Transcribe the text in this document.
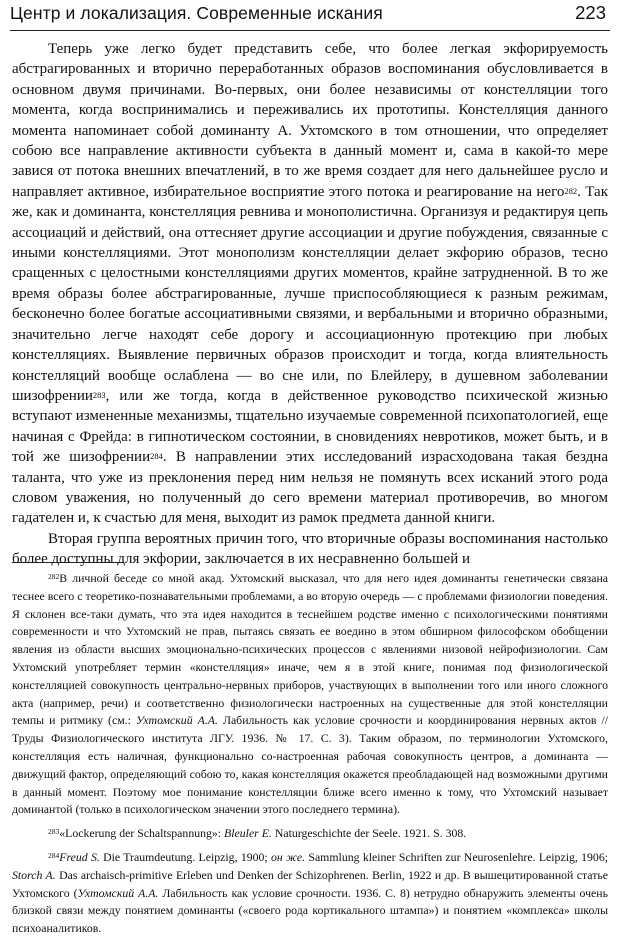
Центр и локализация. Современные искания	223

Теперь уже легко будет представить себе, что более легкая экфорируемость абстрагированных и вторично переработанных образов воспоминания обусловливается в основном двумя причинами. Во-первых, они более независимы от констелляции того момента, когда воспринимались и переживались их прототипы. Констелляция данного момента напоминает собой доминанту А. Ухтомского в том отношении, что определяет собою все направление активности субъекта в данный момент и, сама в какой-то мере завися от потока внешних впечатлений, в то же время создает для него дальнейшее русло и направляет активное, избирательное восприятие этого потока и реагирование на него$^{282}$. Так же, как и доминанта, констелляция ревнива и монополистична. Организуя и редактируя цепь ассоциаций и действий, она оттесняет другие ассоциации и другие побуждения, связанные с иными констелляциями. Этот монополизм констелляции делает экфорию образов, тесно сращенных с целостными констелляциями других моментов, крайне затрудненной. В то же время образы более абстрагированные, лучше приспособляющиеся к разным режимам, бесконечно более богатые ассоциативными связями, и вербальными и вторично образными, значительно легче находят себе дорогу и ассоциационную протекцию при любых констелляциях. Выявление первичных образов происходит и тогда, когда влиятельность констелляций вообще ослаблена — во сне или, по Блейлеру, в душевном заболевании шизофрении$^{283}$, или же тогда, когда в действенное руководство психической жизнью вступают измененные механизмы, тщательно изучаемые современной психопатологией, еще начиная с Фрейда: в гипнотическом состоянии, в сновидениях невротиков, может быть, и в той же шизофрении$^{284}$. В направлении этих исследований израсходована такая бездна таланта, что уже из преклонения перед ним нельзя не помянуть всех исканий этого рода словом уважения, но полученный до сего времени материал противоречив, во многом гадателен и, к счастью для меня, выходит из рамок предмета данной книги.

Вторая группа вероятных причин того, что вторичные образы воспоминания настолько более доступны для экфории, заключается в их несравненно большей и

$^{282}$В личной беседе со мной акад. Ухтомский высказал, что для него идея доминанты генетически связана теснее всего с теоретико-познавательными проблемами, а во вторую очередь — с проблемами физиологии поведения. Я склонен все-таки думать, что эта идея находится в теснейшем родстве именно с психологическими понятиями современности и что Ухтомский не прав, пытаясь связать ее воедино в этом обширном философском обобщении явления из области высших эмоционально-психических процессов с явлениями низовой нейрофизиологии. Сам Ухтомский употребляет термин «констелляция» иначе, чем я в этой книге, понимая под физиологической констелляцией совокупность центрально-нервных приборов, участвующих в выполнении того или иного сложного акта (например, речи) и соответственно физиологически настроенных на существенные для этой констелляции темпы и ритмику (см.: Ухтомский А.А. Лабильность как условие срочности и координирования нервных актов // Труды Физиологического института ЛГУ. 1936. № 17. С. 3). Таким образом, по терминологии Ухтомского, констелляция есть наличная, функционально со-настроенная рабочая совокупность центров, а доминанта — движущий фактор, определяющий собою то, какая констелляция окажется преобладающей над возможными другими в данный момент. Поэтому мое понимание констелляции ближе всего именно к тому, что Ухтомский называет доминантой (только в психологическом значении этого последнего термина).

$^{283}$«Lockerung der Schaltspannung»: Bleuler E. Naturgeschichte der Seele. 1921. S. 308.

$^{284}$Freud S. Die Traumdeutung. Leipzig, 1900; он же. Sammlung kleiner Schriften zur Neurosenlehre. Leipzig, 1906; Storch A. Das archaisch-primitive Erleben und Denken der Schizophrenen. Berlin, 1922 и др. В вышецитированной статье Ухтомского (Ухтомский А.А. Лабильность как условие срочности. 1936. С. 8) нетрудно обнаружить элементы очень близкой связи между понятием доминанты («своего рода кортикального штампа») и понятием «комплекса» школы психоаналитиков.
